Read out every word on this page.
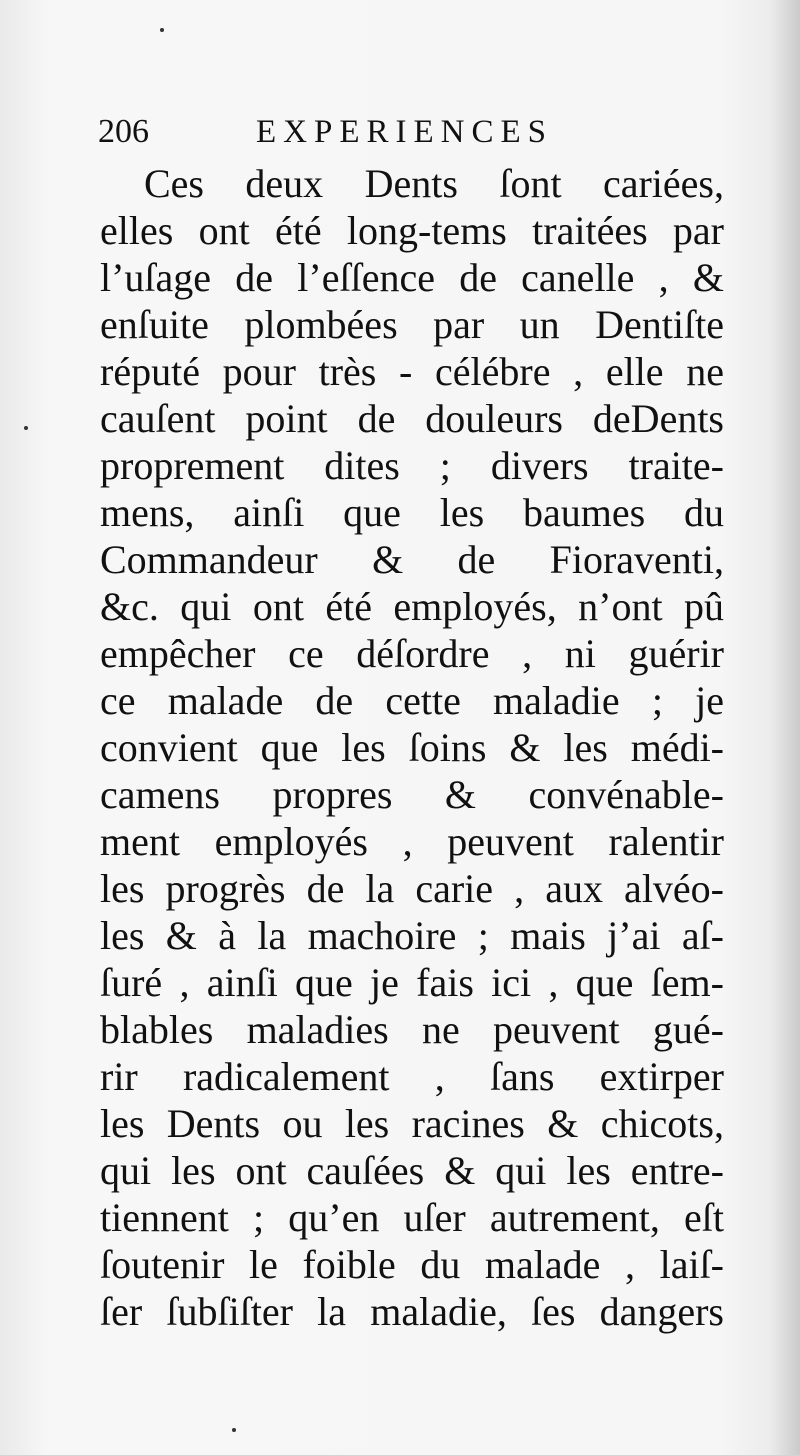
206	EXPERIENCES
Ces deux Dents ſont cariées,
elles ont été long-tems traitées par
l’uſage de l’eſſence de canelle , &
enſuite plombées par un Dentiſte
réputé pour très - célébre , elle ne
cauſent point de douleurs deDents
proprement dites ; divers traite-
mens, ainſi que les baumes du
Commandeur & de Fioraventi,
&c. qui ont été employés, n’ont pû
empêcher ce déſordre , ni guérir
ce malade de cette maladie ; je
convient que les ſoins & les médi-
camens propres & convénable-
ment employés , peuvent ralentir
les progrès de la carie , aux alvéo-
les & à la machoire ; mais j’ai aſ-
ſuré , ainſi que je fais ici , que ſem-
blables maladies ne peuvent gué-
rir radicalement , ſans extirper
les Dents ou les racines & chicots,
qui les ont cauſées & qui les entre-
tiennent ; qu’en uſer autrement, eſt
ſoutenir le foible du malade , laiſ-
ſer ſubſiſter la maladie, ſes dangers
